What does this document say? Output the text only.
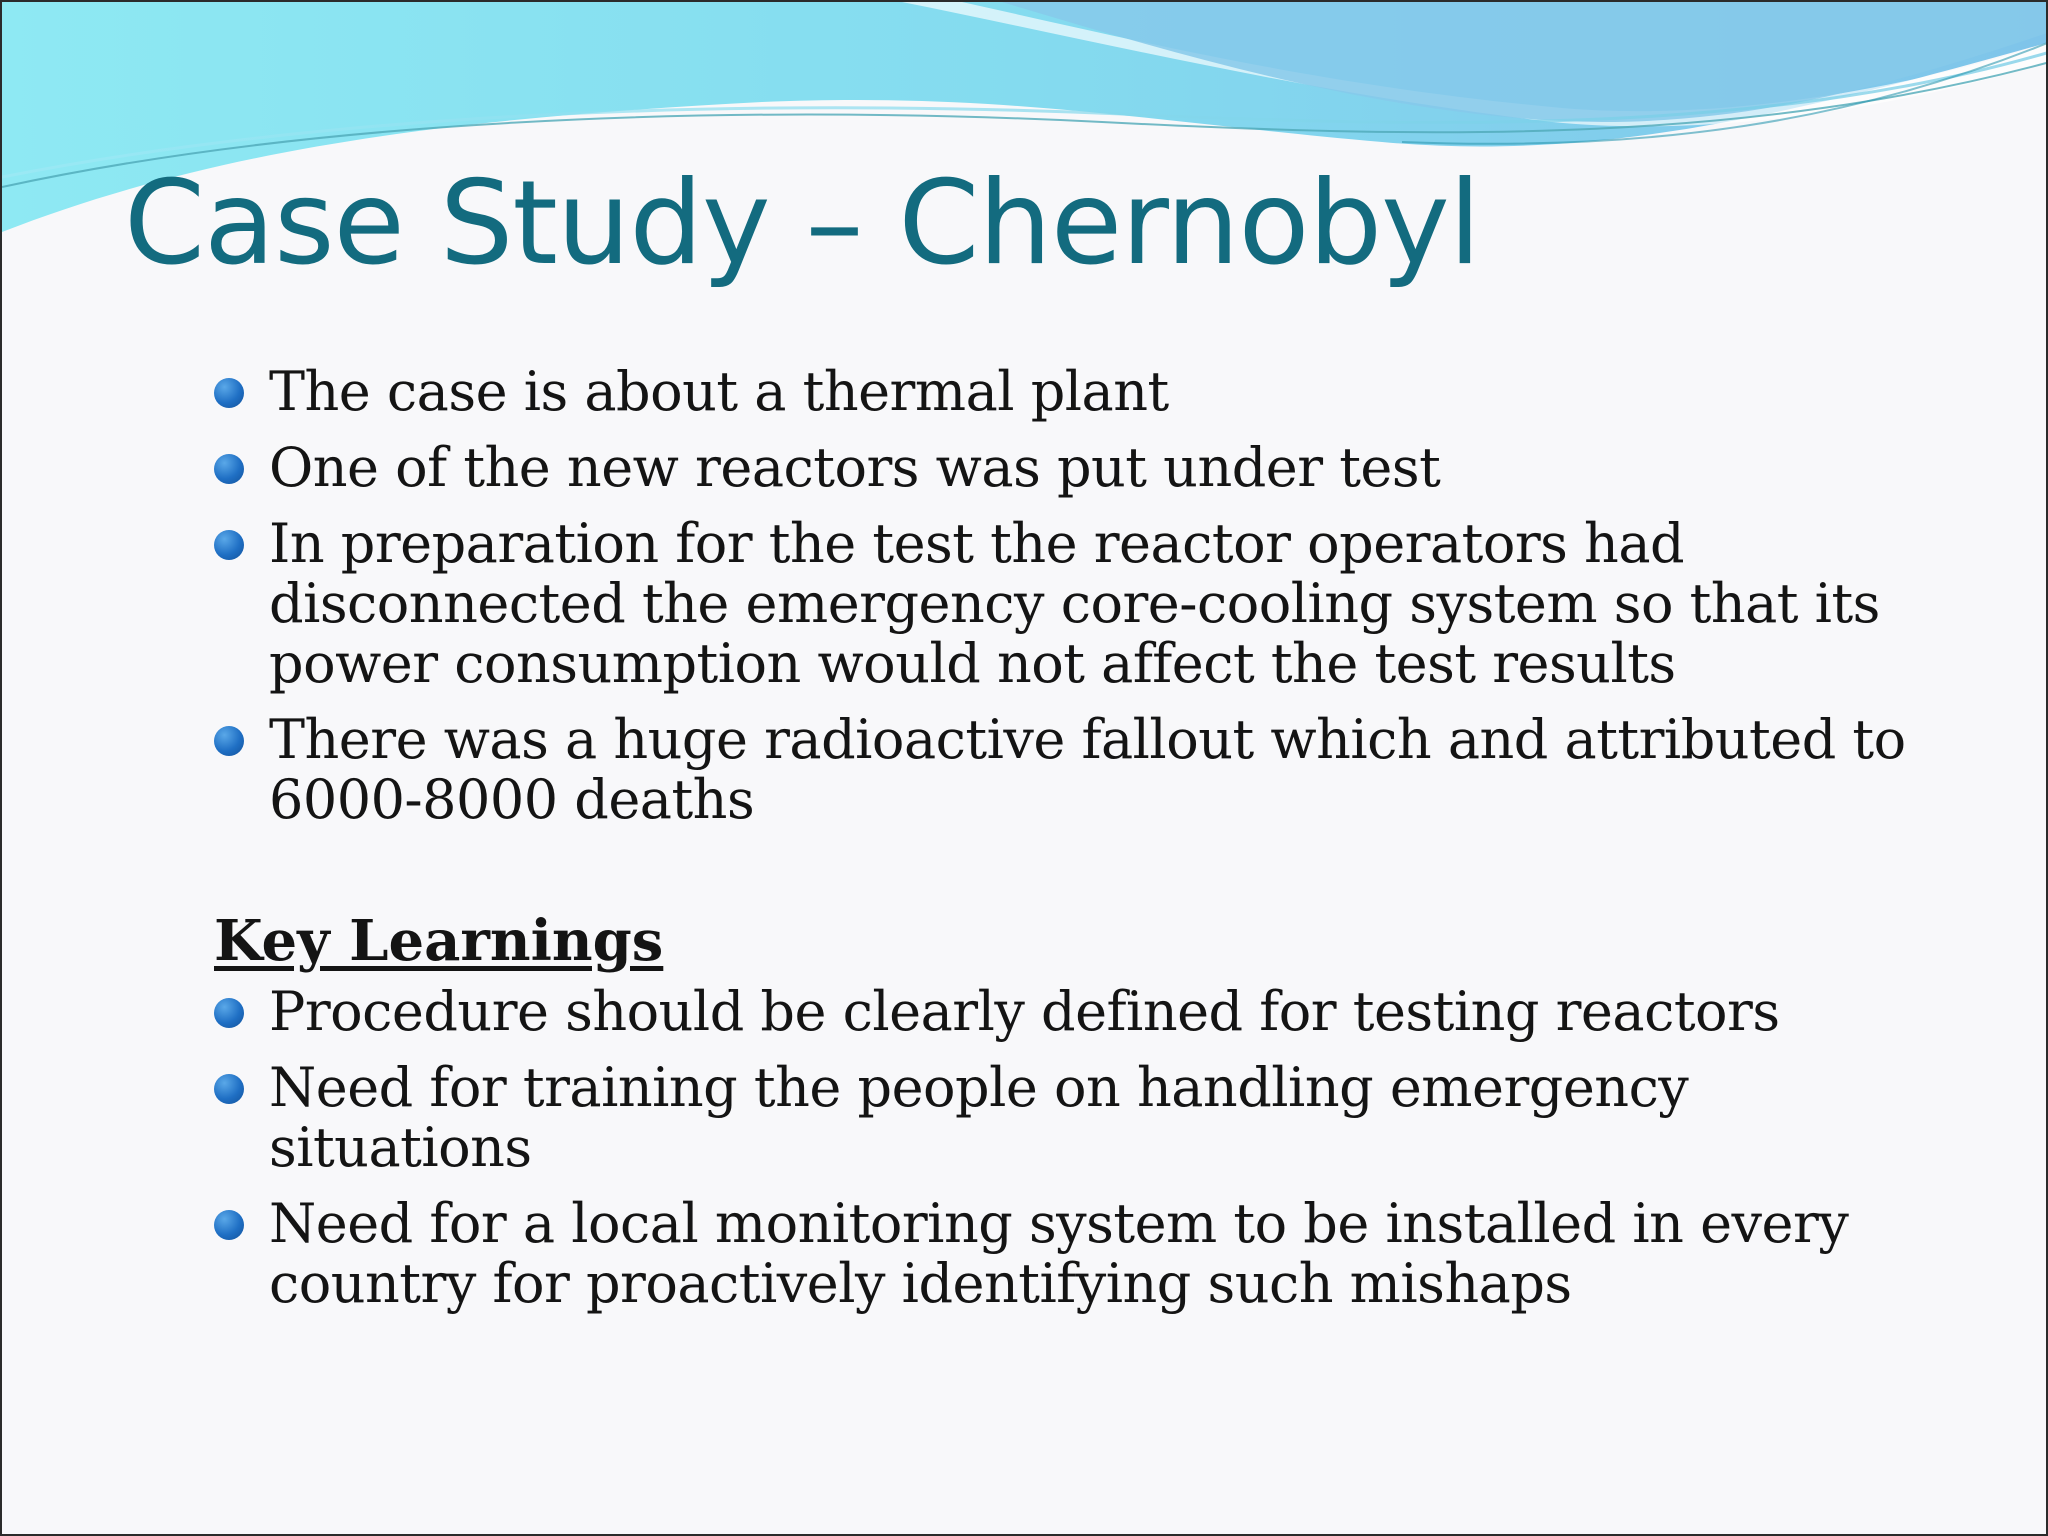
Case Study – Chernobyl
The case is about a thermal plant
One of the new reactors was put under test
In preparation for the test the reactor operators had disconnected the emergency core-cooling system so that its power consumption would not affect the test results
There was a huge radioactive fallout which and attributed to 6000-8000 deaths
Key Learnings
Procedure should be clearly defined for testing reactors
Need for training the people on handling emergency situations
Need for a local monitoring system to be installed in every country for proactively identifying such mishaps
